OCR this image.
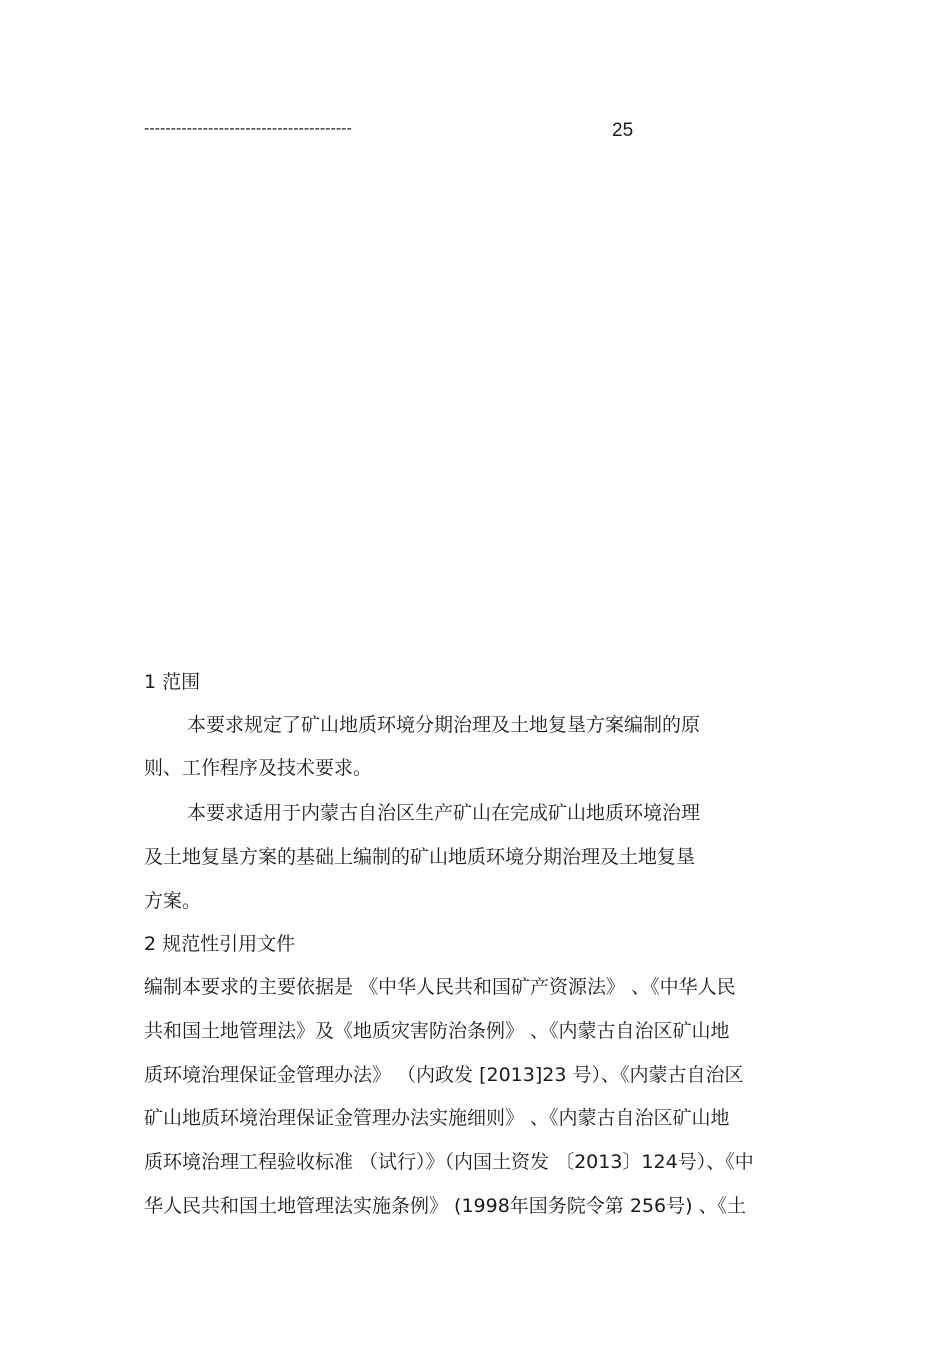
---------------------------------------	25
1 范围
本要求规定了矿山地质环境分期治理及土地复垦方案编制的原
则、工作程序及技术要求。
本要求适用于内蒙古自治区生产矿山在完成矿山地质环境治理
及土地复垦方案的基础上编制的矿山地质环境分期治理及土地复垦
方案。
2 规范性引用文件
编制本要求的主要依据是 《中华人民共和国矿产资源法》 、《中华人民
共和国土地管理法》及《地质灾害防治条例》 、《内蒙古自治区矿山地
质环境治理保证金管理办法》 （内政发 [2013]23 号）、《内蒙古自治区
矿山地质环境治理保证金管理办法实施细则》 、《内蒙古自治区矿山地
质环境治理工程验收标准 （试行）》（内国土资发 〔2013〕124号）、《中
华人民共和国土地管理法实施条例》 (1998年国务院令第 256号) 、《土
